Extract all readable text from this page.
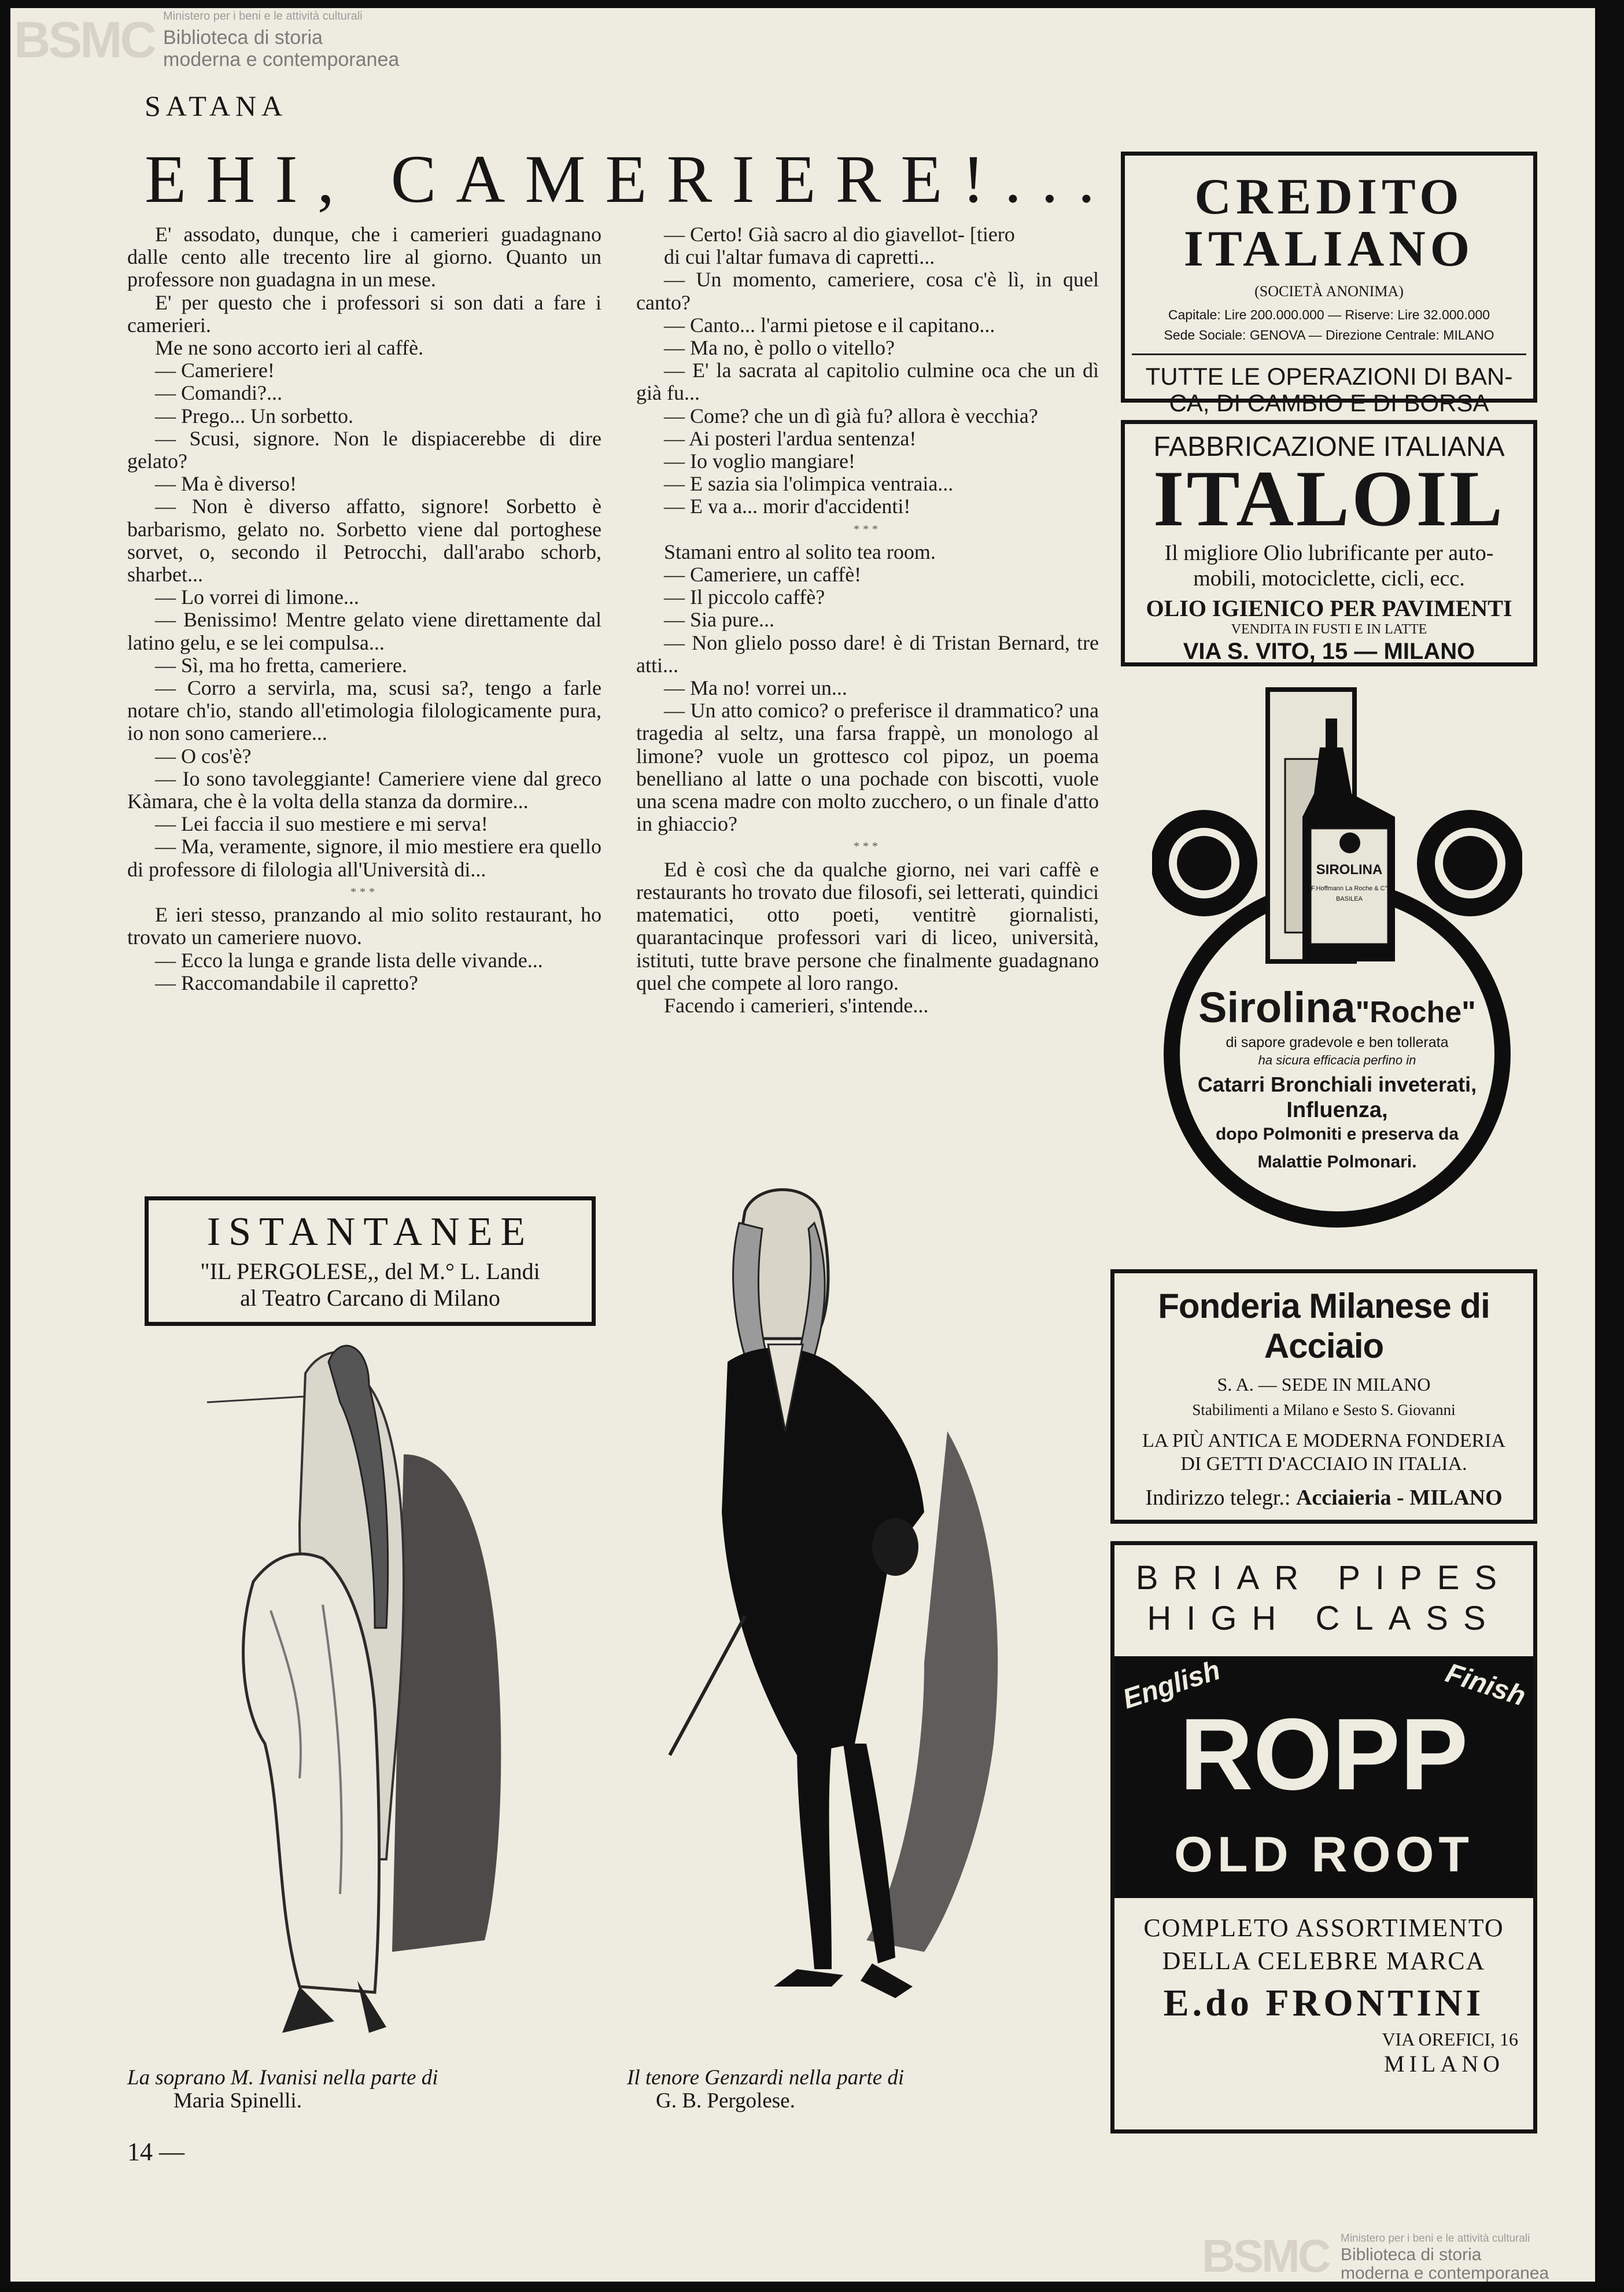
BSMC Ministero per i beni e le attività culturali
Biblioteca di storia
moderna e contemporanea
SATANA
EHI, CAMERIERE!...

E' assodato, dunque, che i camerieri guadagnano dalle cento alle trecento lire al giorno. Quanto un professore non guadagna in un mese.

E' per questo che i professori si son dati a fare i camerieri.

Me ne sono accorto ieri al caffè.

— Cameriere!

— Comandi?...

— Prego... Un sorbetto.

— Scusi, signore. Non le dispiacerebbe di dire gelato?

— Ma è diverso!

— Non è diverso affatto, signore! Sorbetto è barbarismo, gelato no. Sorbetto viene dal portoghese sorvet, o, secondo il Petrocchi, dall'arabo schorb, sharbet...

— Lo vorrei di limone...

— Benissimo! Mentre gelato viene direttamente dal latino gelu, e se lei compulsa...

— Sì, ma ho fretta, cameriere.

— Corro a servirla, ma, scusi sa?, tengo a farle notare ch'io, stando all'etimologia filologicamente pura, io non sono cameriere...

— O cos'è?

— Io sono tavoleggiante! Cameriere viene dal greco Kàmara, che è la volta della stanza da dormire...

— Lei faccia il suo mestiere e mi serva!

— Ma, veramente, signore, il mio mestiere era quello di professore di filologia all'Università di...

***

E ieri stesso, pranzando al mio solito restaurant, ho trovato un cameriere nuovo.

— Ecco la lunga e grande lista delle vivande...

— Raccomandabile il capretto?

— Certo! Già sacro al dio giavellot- [tiero

di cui l'altar fumava di capretti...

— Un momento, cameriere, cosa c'è lì, in quel canto?

— Canto... l'armi pietose e il capitano...

— Ma no, è pollo o vitello?

— E' la sacrata al capitolio culmine oca che un dì già fu...

— Come? che un dì già fu? allora è vecchia?

— Ai posteri l'ardua sentenza!

— Io voglio mangiare!

— E sazia sia l'olimpica ventraia...

— E va a... morir d'accidenti!

***

Stamani entro al solito tea room.

— Cameriere, un caffè!

— Il piccolo caffè?

— Sia pure...

— Non glielo posso dare! è di Tristan Bernard, tre atti...

— Ma no! vorrei un...

— Un atto comico? o preferisce il drammatico? una tragedia al seltz, una farsa frappè, un monologo al limone? vuole un grottesco col pipoz, un poema benelliano al latte o una pochade con biscotti, vuole una scena madre con molto zucchero, o un finale d'atto in ghiaccio?

***

Ed è così che da qualche giorno, nei vari caffè e restaurants ho trovato due filosofi, sei letterati, quindici matematici, otto poeti, ventitrè giornalisti, quarantacinque professori vari di liceo, università, istituti, tutte brave persone che finalmente guadagnano quel che compete al loro rango.

Facendo i camerieri, s'intende...

ISTANTANEE
"IL PERGOLESE,, del M.° L. Landi
al Teatro Carcano di Milano
La soprano M. Ivanisi nella parte di
Maria Spinelli.
Il tenore Genzardi nella parte di
G. B. Pergolese.
14 —
CREDITO
ITALIANO
(SOCIETÀ ANONIMA)
Capitale: Lire 200.000.000 — Riserve: Lire 32.000.000
Sede Sociale: GENOVA — Direzione Centrale: MILANO
TUTTE LE OPERAZIONI DI BAN-
CA, DI CAMBIO E DI BORSA
FABBRICAZIONE ITALIANA
ITALOIL
Il migliore Olio lubrificante per auto-
mobili, motociclette, cicli, ecc.
OLIO IGIENICO PER PAVIMENTI
VENDITA IN FUSTI E IN LATTE
VIA S. VITO, 15 — MILANO
SIROLINA
F.Hoffmann La Roche & C°
BASILEA
Sirolina"Roche"
di sapore gradevole e ben tollerata
ha sicura efficacia perfino in
Catarri Bronchiali inveterati,
Influenza,
dopo Polmoniti e preserva da
Malattie Polmonari.
Fonderia Milanese di Acciaio
S. A. — SEDE IN MILANO
Stabilimenti a Milano e Sesto S. Giovanni
LA PIÙ ANTICA E MODERNA FONDERIA
DI GETTI D'ACCIAIO IN ITALIA.
Indirizzo telegr.: Acciaieria - MILANO
BRIAR PIPES
HIGH CLASS
English	Finish
ROPP
OLD ROOT
COMPLETO ASSORTIMENTO
DELLA CELEBRE MARCA
E.do FRONTINI
VIA OREFICI, 16
MILANO
BSMC Ministero per i beni e le attività culturali
Biblioteca di storia
moderna e contemporanea
